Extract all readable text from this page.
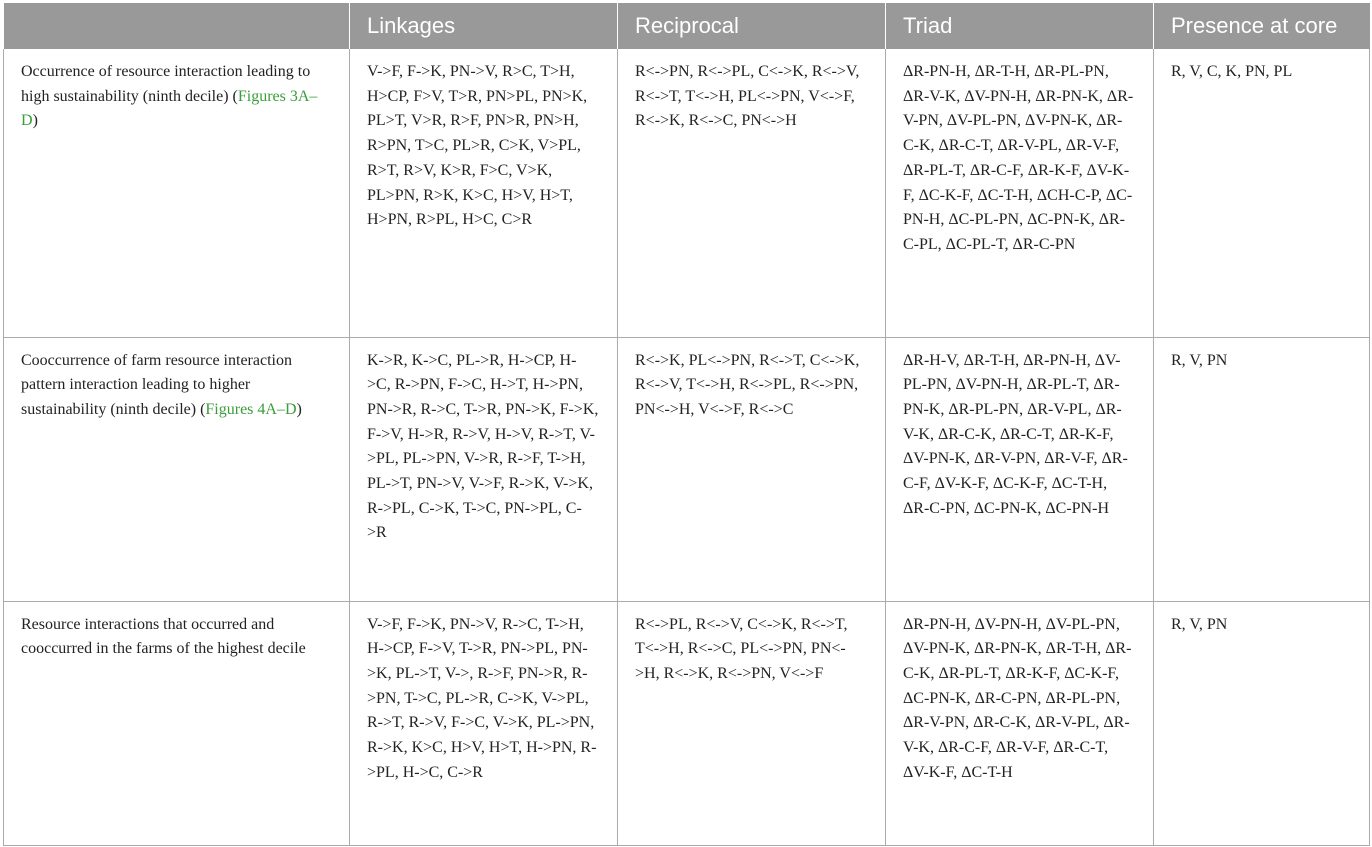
	Linkages	Reciprocal	Triad	Presence at core
Occurrence of resource interaction leading to high sustainability (ninth decile) (Figures 3A–D)	V->F, F->K, PN->V, R>C, T>H, H>CP, F>V, T>R, PN>PL, PN>K, PL>T, V>R, R>F, PN>R, PN>H, R>PN, T>C, PL>R, C>K, V>PL, R>T, R>V, K>R, F>C, V>K, PL>PN, R>K, K>C, H>V, H>T, H>PN, R>PL, H>C, C>R	R<->PN, R<->PL, C<->K, R<->V, R<->T, T<->H, PL<->PN, V<->F, R<->K, R<->C, PN<->H	ΔR-PN-H, ΔR-T-H, ΔR-PL-PN, ΔR-V-K, ΔV-PN-H, ΔR-PN-K, ΔR-V-PN, ΔV-PL-PN, ΔV-PN-K, ΔR-C-K, ΔR-C-T, ΔR-V-PL, ΔR-V-F, ΔR-PL-T, ΔR-C-F, ΔR-K-F, ΔV-K-F, ΔC-K-F, ΔC-T-H, ΔCH-C-P, ΔC-PN-H, ΔC-PL-PN, ΔC-PN-K, ΔR-C-PL, ΔC-PL-T, ΔR-C-PN	R, V, C, K, PN, PL
Cooccurrence of farm resource interaction pattern interaction leading to higher sustainability (ninth decile) (Figures 4A–D)	K->R, K->C, PL->R, H->CP, H->C, R->PN, F->C, H->T, H->PN, PN->R, R->C, T->R, PN->K, F->K, F->V, H->R, R->V, H->V, R->T, V->PL, PL->PN, V->R, R->F, T->H, PL->T, PN->V, V->F, R->K, V->K, R->PL, C->K, T->C, PN->PL, C->R	R<->K, PL<->PN, R<->T, C<->K, R<->V, T<->H, R<->PL, R<->PN, PN<->H, V<->F, R<->C	ΔR-H-V, ΔR-T-H, ΔR-PN-H, ΔV-PL-PN, ΔV-PN-H, ΔR-PL-T, ΔR-PN-K, ΔR-PL-PN, ΔR-V-PL, ΔR-V-K, ΔR-C-K, ΔR-C-T, ΔR-K-F, ΔV-PN-K, ΔR-V-PN, ΔR-V-F, ΔR-C-F, ΔV-K-F, ΔC-K-F, ΔC-T-H, ΔR-C-PN, ΔC-PN-K, ΔC-PN-H	R, V, PN
Resource interactions that occurred and cooccurred in the farms of the highest decile	V->F, F->K, PN->V, R->C, T->H, H->CP, F->V, T->R, PN->PL, PN->K, PL->T, V->, R->F, PN->R, R->PN, T->C, PL->R, C->K, V->PL, R->T, R->V, F->C, V->K, PL->PN, R->K, K>C, H>V, H>T, H->PN, R->PL, H->C, C->R	R<->PL, R<->V, C<->K, R<->T, T<->H, R<->C, PL<->PN, PN<->H, R<->K, R<->PN, V<->F	ΔR-PN-H, ΔV-PN-H, ΔV-PL-PN, ΔV-PN-K, ΔR-PN-K, ΔR-T-H, ΔR-C-K, ΔR-PL-T, ΔR-K-F, ΔC-K-F, ΔC-PN-K, ΔR-C-PN, ΔR-PL-PN, ΔR-V-PN, ΔR-C-K, ΔR-V-PL, ΔR-V-K, ΔR-C-F, ΔR-V-F, ΔR-C-T, ΔV-K-F, ΔC-T-H	R, V, PN
